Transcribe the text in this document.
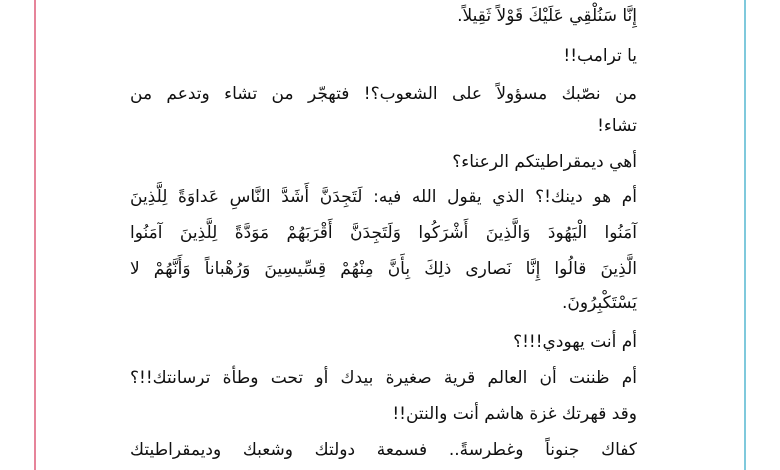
إِنَّا سَنُلْقِي عَلَيْكَ قَوْلاً ثَقِيلاً.
يا ترامب!!
من نصّبك مسؤولاً على الشعوب؟! فتهجّر من تشاء وتدعم من
تشاء!
أهي ديمقراطيتكم الرعناء؟
أم هو دينك!؟ الذي يقول الله فيه: لَتَجِدَنَّ أَشَدَّ النَّاسِ عَداوَةً لِلَّذِينَ
آمَنُوا الْيَهُودَ وَالَّذِينَ أَشْرَكُوا وَلَتَجِدَنَّ أَقْرَبَهُمْ مَوَدَّةً لِلَّذِينَ آمَنُوا
الَّذِينَ قالُوا إِنَّا نَصارى ذلِكَ بِأَنَّ مِنْهُمْ قِسِّيسِينَ وَرُهْباناً وَأَنَّهُمْ لا
يَسْتَكْبِرُونَ.
أم أنت يهودي!!!؟
أم ظننت أن العالم قرية صغيرة بيدك أو تحت وطأة ترسانتك!!؟
وقد قهرتك غزة هاشم أنت والنتن!!
كفاك جنوناً وغطرسةً.. فسمعة دولتك وشعبك وديمقراطيتك
